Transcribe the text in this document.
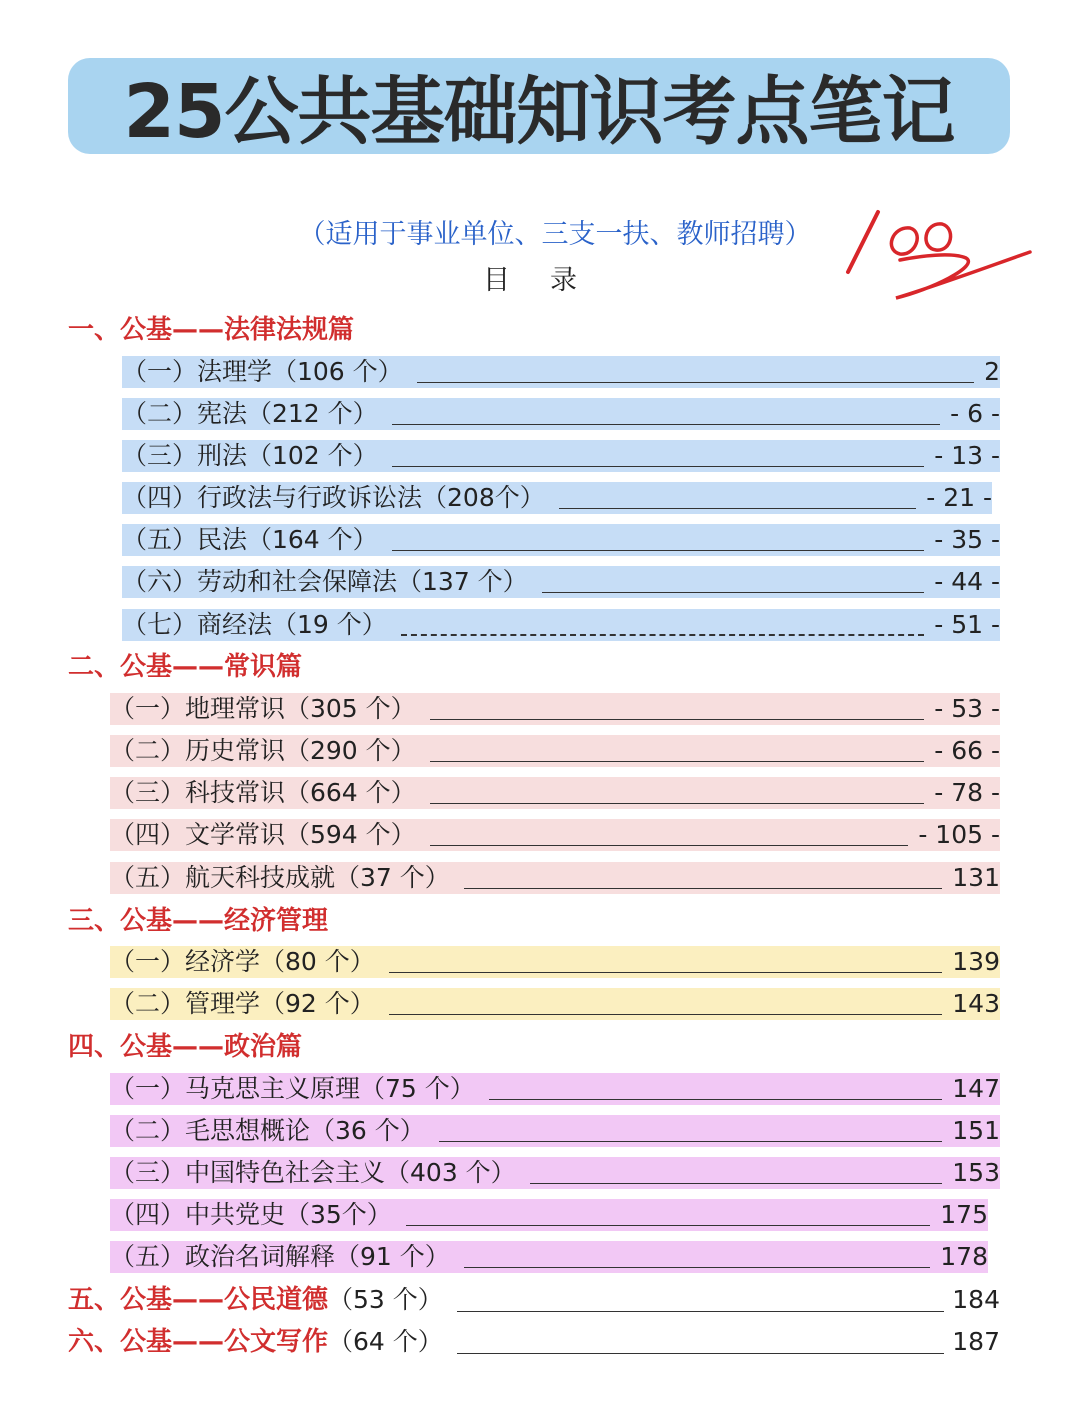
25公共基础知识考点笔记
（适用于事业单位、三支一扶、教师招聘）
目录
一、公基——法律法规篇
（一）法理学（106 个）	2
（二）宪法（212 个）	- 6 -
（三）刑法（102 个）	- 13 -
（四）行政法与行政诉讼法（208个）	- 21 -
（五）民法（164 个）	- 35 -
（六）劳动和社会保障法（137 个）	- 44 -
（七）商经法（19 个）	- 51 -
二、公基——常识篇
（一）地理常识（305 个）	- 53 -
（二）历史常识（290 个）	- 66 -
（三）科技常识（664 个）	- 78 -
（四）文学常识（594 个）	- 105 -
（五）航天科技成就（37 个）	131
三、公基——经济管理
（一）经济学（80 个）	139
（二）管理学（92 个）	143
四、公基——政治篇
（一）马克思主义原理（75 个）	147
（二）毛思想概论（36 个）	151
（三）中国特色社会主义（403 个）	153
（四）中共党史（35个）	175
（五）政治名词解释（91 个）	178
五、公基——公民道德 （53 个）	184
六、公基——公文写作 （64 个）	187
